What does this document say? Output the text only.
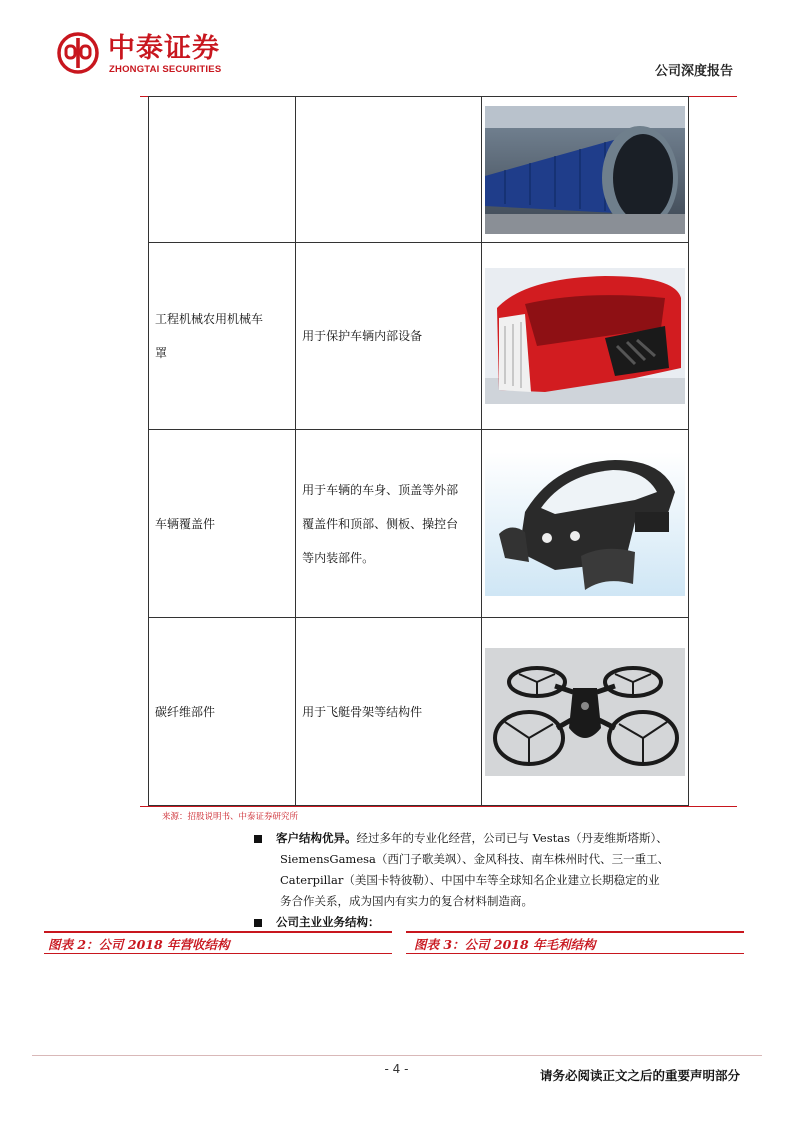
中泰证券
ZHONGTAI SECURITIES	公司深度报告

工程机械农用机械车
罩	用于保护车辆内部设备

车辆覆盖件	用于车辆的车身、顶盖等外部
覆盖件和顶部、侧板、操控台
等内装部件。

碳纤维部件	用于飞艇骨架等结构件

来源：招股说明书、中泰证券研究所
客户结构优异。经过多年的专业化经营，公司已与 Vestas（丹麦维斯塔斯）、
SiemensGamesa（西门子歌美飒）、金风科技、南车株州时代、三一重工、
Caterpillar（美国卡特彼勒）、中国中车等全球知名企业建立长期稳定的业
务合作关系，成为国内有实力的复合材料制造商。
公司主业业务结构：
图表 2：公司 2018 年营收结构	图表 3：公司 2018 年毛利结构
- 4 -	请务必阅读正文之后的重要声明部分
